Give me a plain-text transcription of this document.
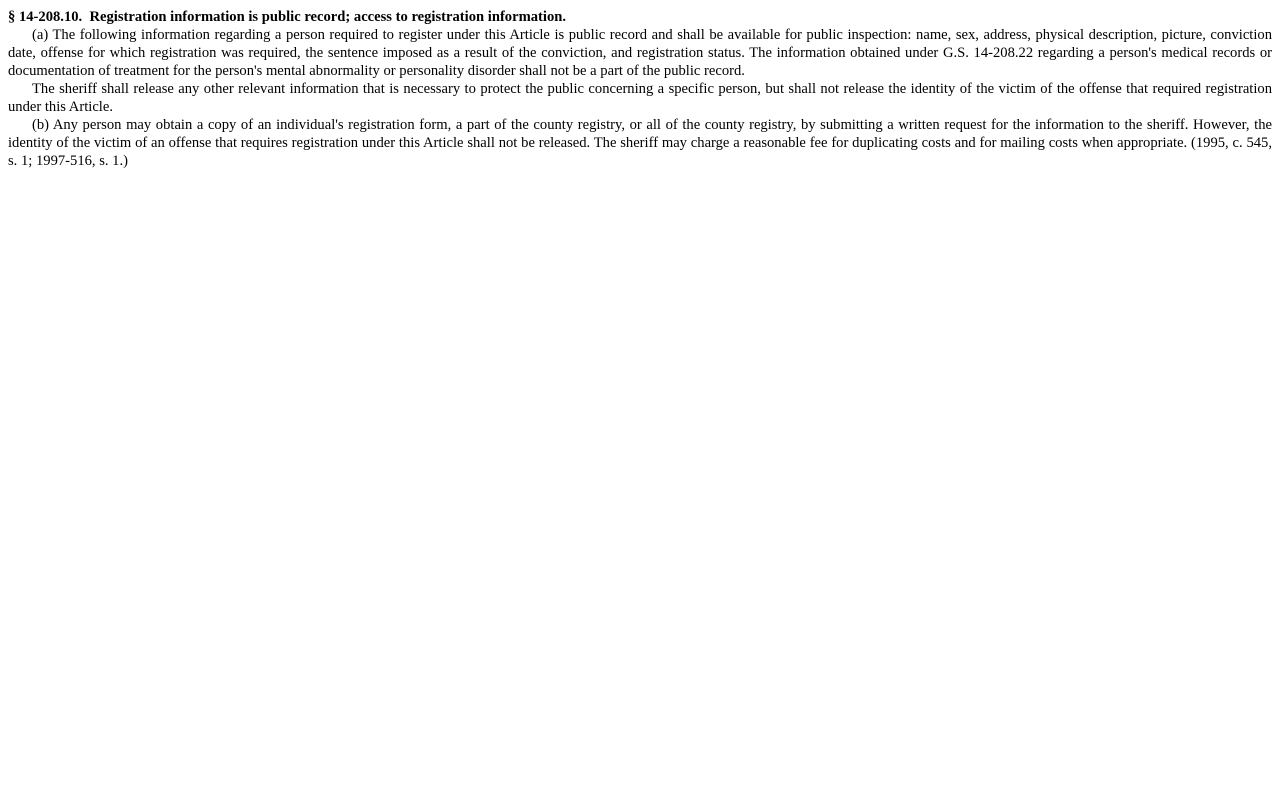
§ 14-208.10.  Registration information is public record; access to registration information.

(a) The following information regarding a person required to register under this Article is public record and shall be available for public inspection: name, sex, address, physical description, picture, conviction date, offense for which registration was required, the sentence imposed as a result of the conviction, and registration status. The information obtained under G.S. 14-208.22 regarding a person's medical records or documentation of treatment for the person's mental abnormality or personality disorder shall not be a part of the public record.

The sheriff shall release any other relevant information that is necessary to protect the public concerning a specific person, but shall not release the identity of the victim of the offense that required registration under this Article.

(b) Any person may obtain a copy of an individual's registration form, a part of the county registry, or all of the county registry, by submitting a written request for the information to the sheriff. However, the identity of the victim of an offense that requires registration under this Article shall not be released. The sheriff may charge a reasonable fee for duplicating costs and for mailing costs when appropriate. (1995, c. 545, s. 1; 1997-516, s. 1.)
